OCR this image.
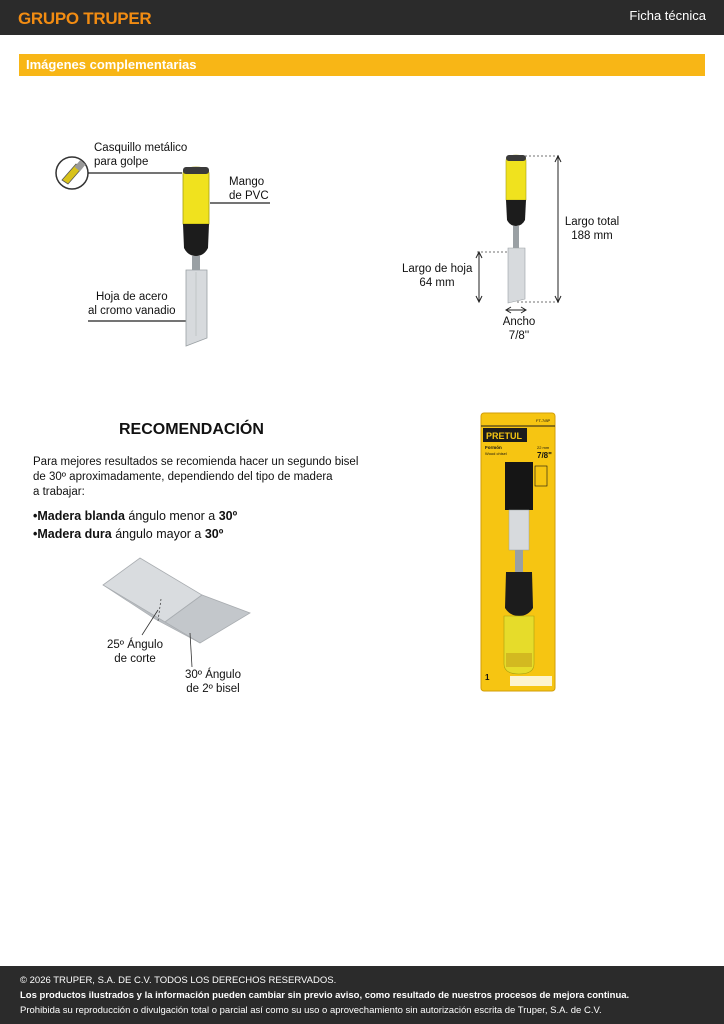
GRUPO TRUPER	Ficha técnica
Imágenes complementarias
Casquillo metálico
para golpe
Mango
de PVC
Hoja de acero
al cromo vanadio
Largo total
188 mm
Largo de hoja
64 mm
Ancho
7/8''
RECOMENDACIÓN
Para mejores resultados se recomienda hacer un segundo bisel
de 30º aproximadamente, dependiendo del tipo de madera
a trabajar:
•Madera blanda ángulo menor a 30º
•Madera dura ángulo mayor a 30º
25º Ángulo
de corte
30º Ángulo
de 2º bisel
FT-7/8P
PRETUL
Formón
Wood chisel
22 mm
7/8"
1
© 2026 TRUPER, S.A. DE C.V. TODOS LOS DERECHOS RESERVADOS.
Los productos ilustrados y la información pueden cambiar sin previo aviso, como resultado de nuestros procesos de mejora continua.
Prohibida su reproducción o divulgación total o parcial así como su uso o aprovechamiento sin autorización escrita de Truper, S.A. de C.V.
